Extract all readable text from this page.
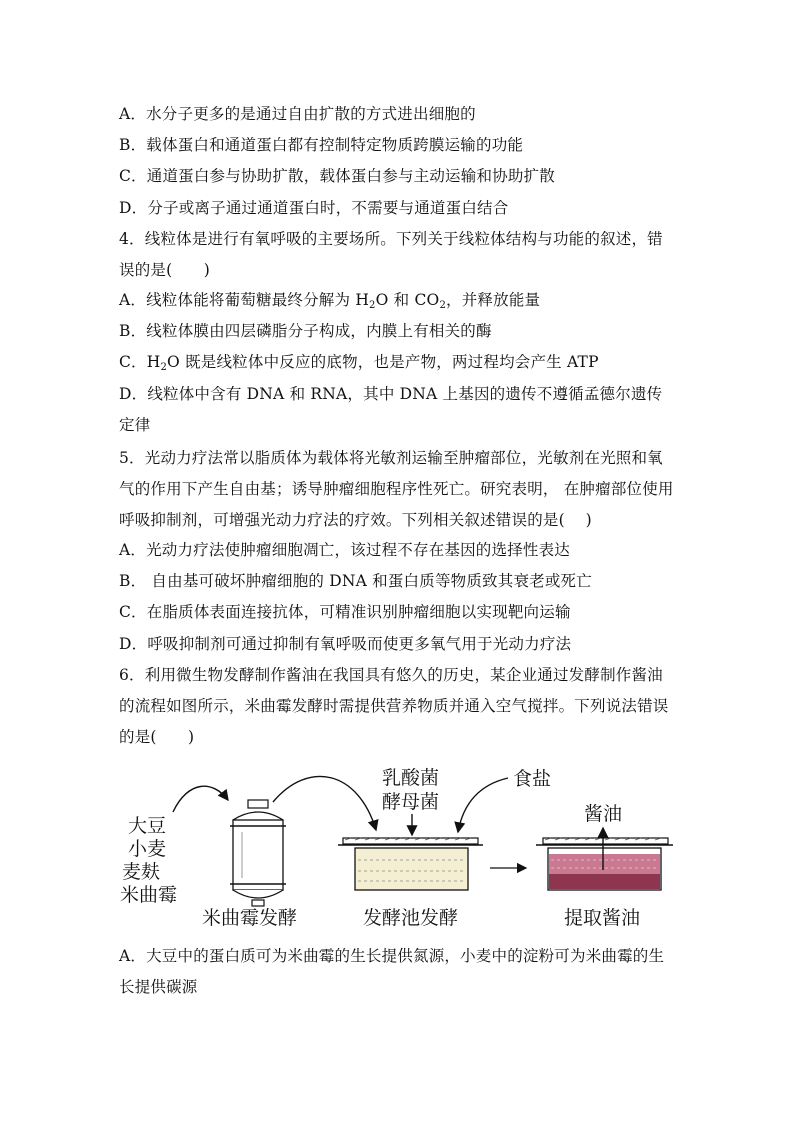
A．水分子更多的是通过自由扩散的方式进出细胞的
B．载体蛋白和通道蛋白都有控制特定物质跨膜运输的功能
C．通道蛋白参与协助扩散，载体蛋白参与主动运输和协助扩散
D．分子或离子通过通道蛋白时，不需要与通道蛋白结合
4．线粒体是进行有氧呼吸的主要场所。下列关于线粒体结构与功能的叙述，错误的是(　　)
A．线粒体能将葡萄糖最终分解为 $H_2O$ 和 $CO_2$，并释放能量
B．线粒体膜由四层磷脂分子构成，内膜上有相关的酶
C．$H_2O$ 既是线粒体中反应的底物，也是产物，两过程均会产生 ATP
D．线粒体中含有 DNA 和 RNA，其中 DNA 上基因的遗传不遵循孟德尔遗传定律
5．光动力疗法常以脂质体为载体将光敏剂运输至肿瘤部位，光敏剂在光照和氧气的作用下产生自由基；诱导肿瘤细胞程序性死亡。研究表明， 在肿瘤部位使用呼吸抑制剂，可增强光动力疗法的疗效。下列相关叙述错误的是(　 )
A．光动力疗法使肿瘤细胞凋亡，该过程不存在基因的选择性表达
B． 自由基可破坏肿瘤细胞的 DNA 和蛋白质等物质致其衰老或死亡
C．在脂质体表面连接抗体，可精准识别肿瘤细胞以实现靶向运输
D．呼吸抑制剂可通过抑制有氧呼吸而使更多氧气用于光动力疗法
6．利用微生物发酵制作酱油在我国具有悠久的历史，某企业通过发酵制作酱油的流程如图所示，米曲霉发酵时需提供营养物质并通入空气搅拌。下列说法错误的是(　　)
大豆
小麦
麦麸
米曲霉
米曲霉发酵
乳酸菌
酵母菌
食盐
发酵池发酵
酱油
提取酱油
A．大豆中的蛋白质可为米曲霉的生长提供氮源，小麦中的淀粉可为米曲霉的生长提供碳源
